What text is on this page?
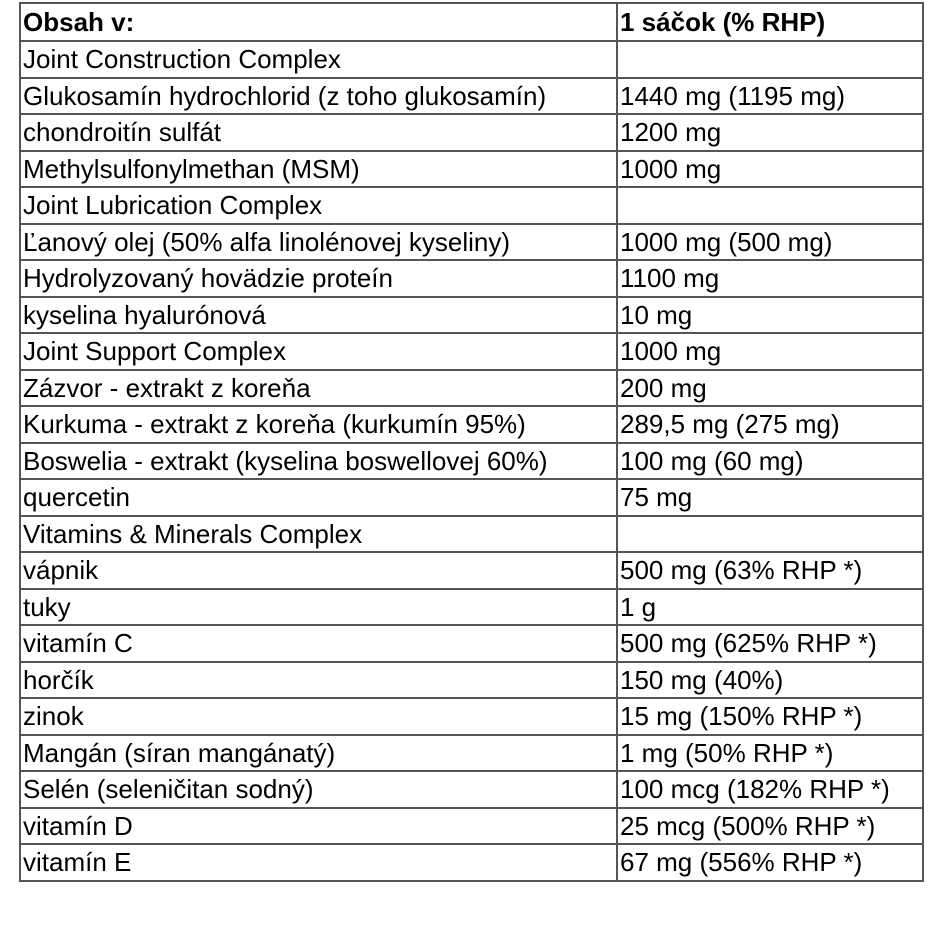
Obsah v:	1 sáčok (% RHP)
Joint Construction Complex	
Glukosamín hydrochlorid (z toho glukosamín)	1440 mg (1195 mg)
chondroitín sulfát	1200 mg
Methylsulfonylmethan (MSM)	1000 mg
Joint Lubrication Complex	
Ľanový olej (50% alfa linolénovej kyseliny)	1000 mg (500 mg)
Hydrolyzovaný hovädzie proteín	1100 mg
kyselina hyalurónová	10 mg
Joint Support Complex	1000 mg
Zázvor - extrakt z koreňa	200 mg
Kurkuma - extrakt z koreňa (kurkumín 95%)	289,5 mg (275 mg)
Boswelia - extrakt (kyselina boswellovej 60%)	100 mg (60 mg)
quercetin	75 mg
Vitamins & Minerals Complex	
vápnik	500 mg (63% RHP *)
tuky	1 g
vitamín C	500 mg (625% RHP *)
horčík	150 mg (40%)
zinok	15 mg (150% RHP *)
Mangán (síran mangánatý)	1 mg (50% RHP *)
Selén (seleničitan sodný)	100 mcg (182% RHP *)
vitamín D	25 mcg (500% RHP *)
vitamín E	67 mg (556% RHP *)
